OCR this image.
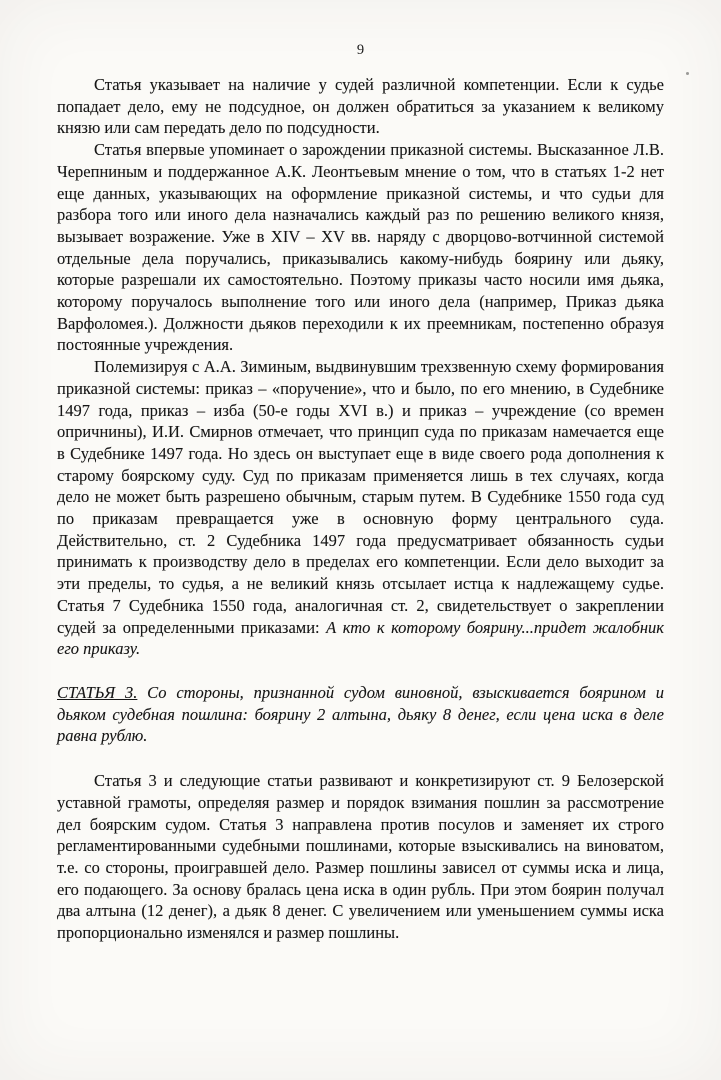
9

Статья указывает на наличие у судей различной компетенции. Если к судье попадает дело, ему не подсудное, он должен обратиться за указанием к великому князю или сам передать дело по подсудности.

Статья впервые упоминает о зарождении приказной системы. Высказанное Л.В. Черепниным и поддержанное А.К. Леонтьевым мнение о том, что в статьях 1-2 нет еще данных, указывающих на оформление приказной системы, и что судьи для разбора того или иного дела назначались каждый раз по решению великого князя, вызывает возражение. Уже в XIV – XV вв. наряду с дворцово-вотчинной системой отдельные дела поручались, приказывались какому-нибудь боярину или дьяку, которые разрешали их самостоятельно. Поэтому приказы часто носили имя дьяка, которому поручалось выполнение того или иного дела (например, Приказ дьяка Варфоломея.). Должности дьяков переходили к их преемникам, постепенно образуя постоянные учреждения.

Полемизируя с А.А. Зиминым, выдвинувшим трехзвенную схему формирования приказной системы: приказ – «поручение», что и было, по его мнению, в Судебнике 1497 года, приказ – изба (50-е годы XVI в.) и приказ – учреждение (со времен опричнины), И.И. Смирнов отмечает, что принцип суда по приказам намечается еще в Судебнике 1497 года. Но здесь он выступает еще в виде своего рода дополнения к старому боярскому суду. Суд по приказам применяется лишь в тех случаях, когда дело не может быть разрешено обычным, старым путем. В Судебнике 1550 года суд по приказам превращается уже в основную форму центрального суда. Действительно, ст. 2 Судебника 1497 года предусматривает обязанность судьи принимать к производству дело в пределах его компетенции. Если дело выходит за эти пределы, то судья, а не великий князь отсылает истца к надлежащему судье. Статья 7 Судебника 1550 года, аналогичная ст. 2, свидетельствует о закреплении судей за определенными приказами: А кто к которому боярину...придет жалобник его приказу.

СТАТЬЯ 3. Со стороны, признанной судом виновной, взыскивается боярином и дьяком судебная пошлина: боярину 2 алтына, дьяку 8 денег, если цена иска в деле равна рублю.

Статья 3 и следующие статьи развивают и конкретизируют ст. 9 Белозерской уставной грамоты, определяя размер и порядок взимания пошлин за рассмотрение дел боярским судом. Статья 3 направлена против посулов и заменяет их строго регламентированными судебными пошлинами, которые взыскивались на виноватом, т.е. со стороны, проигравшей дело. Размер пошлины зависел от суммы иска и лица, его подающего. За основу бралась цена иска в один рубль. При этом боярин получал два алтына (12 денег), а дьяк 8 денег. С увеличением или уменьшением суммы иска пропорционально изменялся и размер пошлины.
